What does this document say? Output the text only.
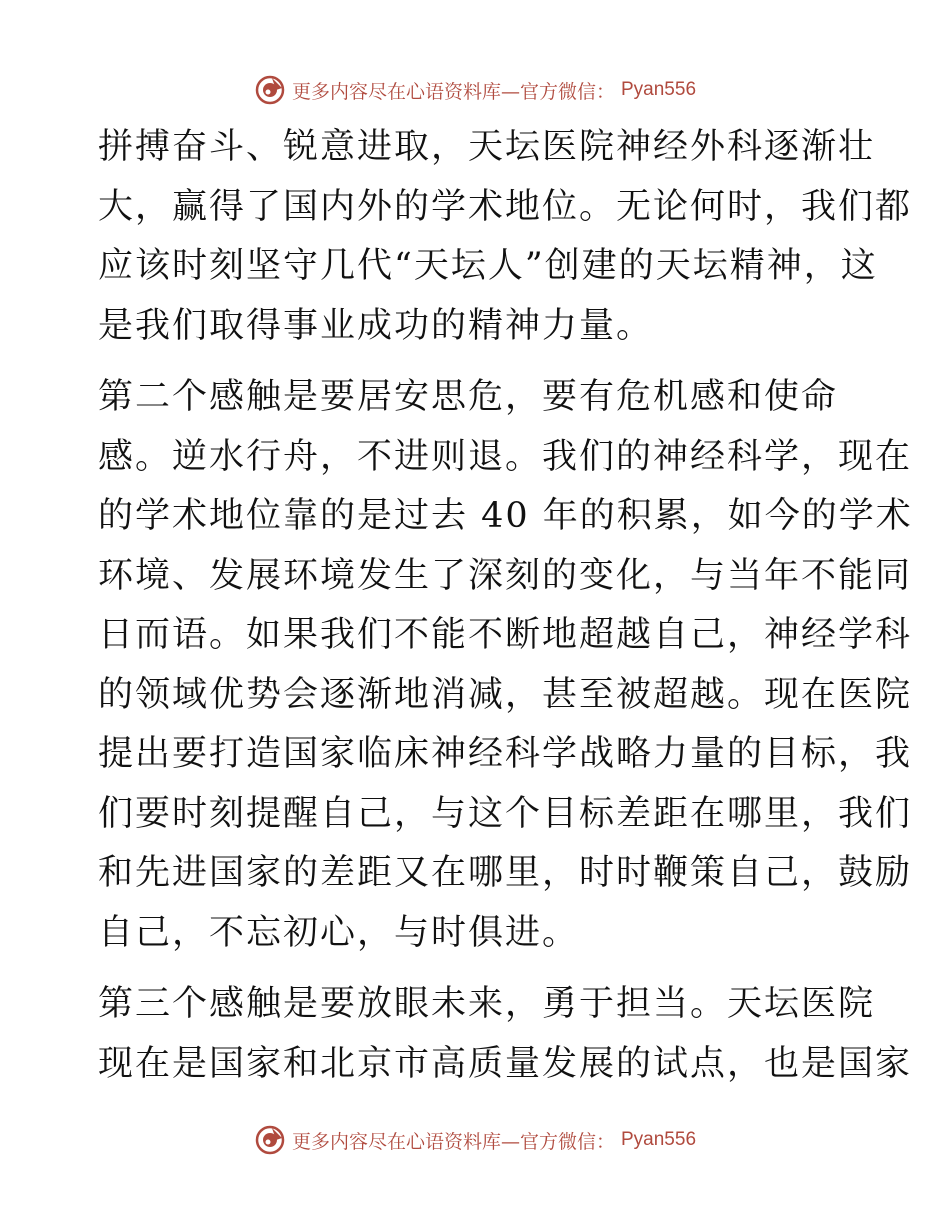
更多内容尽在心语资料库—官方微信： Pyan556

拼搏奋斗、锐意进取，天坛医院神经外科逐渐壮
大，赢得了国内外的学术地位。无论何时，我们都
应该时刻坚守几代“天坛人”创建的天坛精神，这
是我们取得事业成功的精神力量。

第二个感触是要居安思危，要有危机感和使命
感。逆水行舟，不进则退。我们的神经科学，现在
的学术地位靠的是过去 40 年的积累，如今的学术
环境、发展环境发生了深刻的变化，与当年不能同
日而语。如果我们不能不断地超越自己，神经学科
的领域优势会逐渐地消减，甚至被超越。现在医院
提出要打造国家临床神经科学战略力量的目标，我
们要时刻提醒自己，与这个目标差距在哪里，我们
和先进国家的差距又在哪里，时时鞭策自己，鼓励
自己，不忘初心，与时俱进。

第三个感触是要放眼未来，勇于担当。天坛医院
现在是国家和北京市高质量发展的试点，也是国家

更多内容尽在心语资料库—官方微信： Pyan556
